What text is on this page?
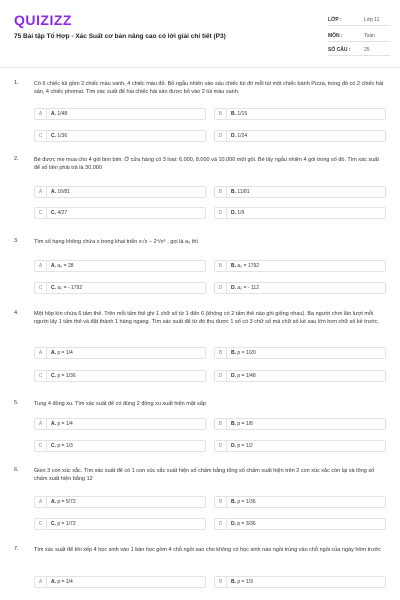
QUIZIZZ
75 Bài tập Tổ Hợp - Xác Suất cơ bản nâng cao có lời giải chi tiết (P3)
LỚP :	Lớp 11
MÔN :	Toán
SỐ CÂU :	25
1.	Có 6 chiếc túi gồm 2 chiếc màu xanh, 4 chiếc màu đỏ. Bỏ ngẫu nhiên vào sáu chiếc túi đó mỗi túi một chiếc bánh Pizza, trong đó có 2 chiếc hải sản, 4 chiếc phomai. Tìm xác suất để hai chiếc hải sản được bỏ vào 2 túi màu xanh.
A	A. 1/48	B	B. 1/15
C	C. 1/36	D	D. 1/24
2.	Bé được mẹ mua cho 4 gói bim bim. Ở cửa hàng có 3 loại: 6.000, 8.000 và 10.000 một gói. Bé lấy ngẫu nhiên 4 gói trong số đó. Tìm xác suất để số tiền phải trả là 30.000
A	A. 16/81	B	B. 11/81
C	C. 4/27	D	D. 1/9
3.	Tìm số hạng không chứa x trong khai triển x√x − 2⁴/x⁸ , gọi là a₀ thì
A	A. a₀ = 28	B	B. a₀ = 1792
C	C. a₀ = - 1792	D	D. a₀ = - 112
4.	Một hộp kín chứa 6 tấm thẻ. Trên mỗi tấm thẻ ghi 1 chữ số từ 1 đến 6 (không có 2 tấm thẻ nào ghi giống nhau). Ba người chơi lần lượt mỗi người lấy 1 tấm thẻ và đặt thành 1 hàng ngang. Tìm xác suất để từ đó thu được 1 số có 3 chữ số mà chữ số kề sau lớn hơn chữ số kề trước.
A	A. p = 1/4	B	B. p = 1/20
C	C. p = 1/36	D	D. p = 1/48
5.	Tung 4 đồng xu. Tìm xác suất để có đúng 2 đồng xu xuất hiện mặt sấp
A	A. p = 1/4	B	B. p = 1/8
C	C. p = 1/3	D	D. p = 1/2
6.	Gieo 3 con xúc xắc. Tìm xác suất để có 1 con xúc xắc xuất hiện số chấm bằng tổng số chấm xuất hiện trên 2 con xúc xắc còn lại và tổng số chấm xuất hiện bằng 12
A	A. p = 5/72	B	B. p = 1/36
C	C. p = 1/72	D	D. p = 3/36
7.	Tìm xác suất để khi xếp 4 học sinh vào 1 bàn học gồm 4 chỗ ngồi sao cho không có học sinh nào ngồi trùng vào chỗ ngồi của ngày hôm trước
A	A. p = 1/4	B	B. p = 1/3
